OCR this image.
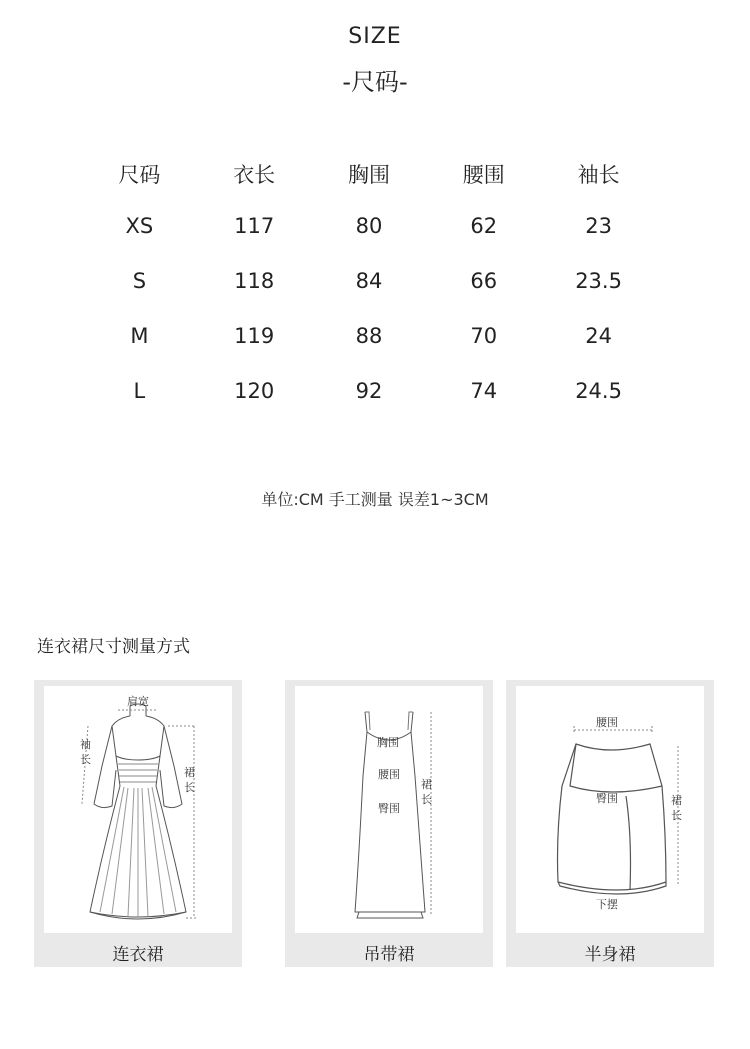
SIZE
-尺码-
尺码	衣长	胸围	腰围	袖长
XS	117	80	62	23
S	118	84	66	23.5
M	119	88	70	24
L	120	92	74	24.5
单位:CM 手工测量 误差1~3CM
连衣裙尺寸测量方式
肩宽
袖
长
裙
长
连衣裙
胸围
腰围
臀围
裙
长
吊带裙
腰围
臀围
下摆
裙
长
半身裙
